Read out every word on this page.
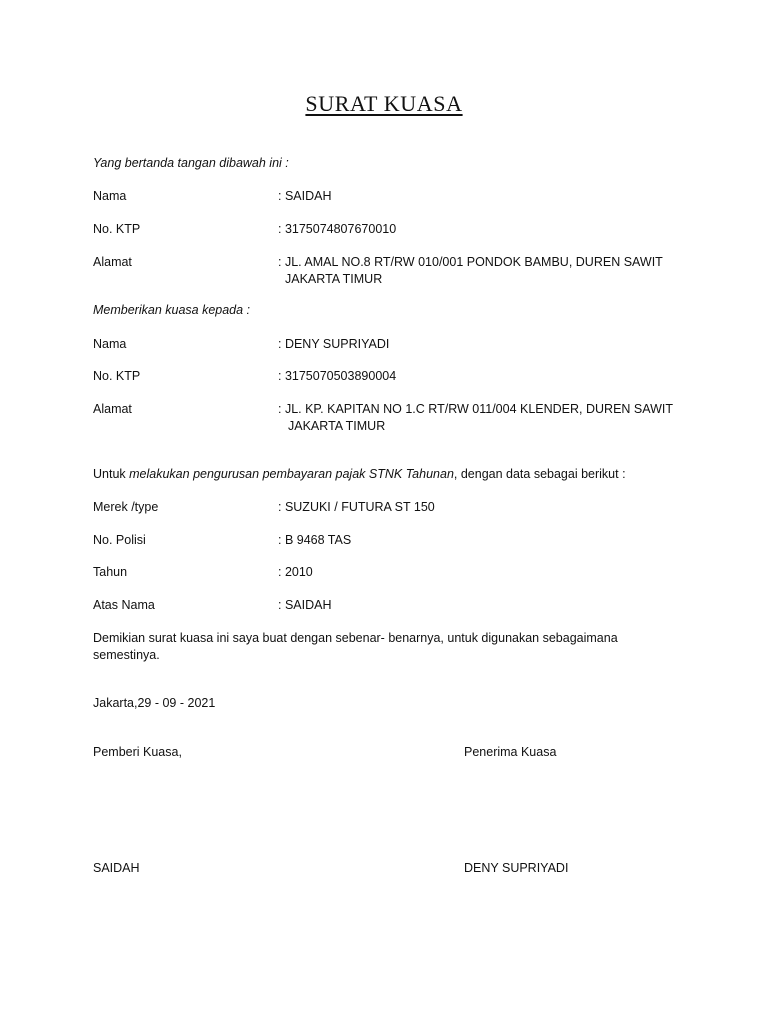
SURAT KUASA
Yang bertanda tangan dibawah ini :
Nama	: SAIDAH
No. KTP	: 3175074807670010
Alamat	: JL. AMAL NO.8 RT/RW 010/001 PONDOK BAMBU, DUREN SAWIT
JAKARTA TIMUR
Memberikan kuasa kepada :
Nama	: DENY SUPRIYADI
No. KTP	: 3175070503890004
Alamat	: JL. KP. KAPITAN NO 1.C RT/RW 011/004 KLENDER, DUREN SAWIT
JAKARTA TIMUR
Untuk melakukan pengurusan pembayaran pajak STNK Tahunan, dengan data sebagai berikut :
Merek /type	: SUZUKI / FUTURA ST 150
No. Polisi	: B 9468 TAS
Tahun	: 2010
Atas Nama	: SAIDAH
Demikian surat kuasa ini saya buat dengan sebenar- benarnya, untuk digunakan sebagaimana
semestinya.
Jakarta,29 - 09 - 2021
Pemberi Kuasa,	Penerima Kuasa
SAIDAH	DENY SUPRIYADI
